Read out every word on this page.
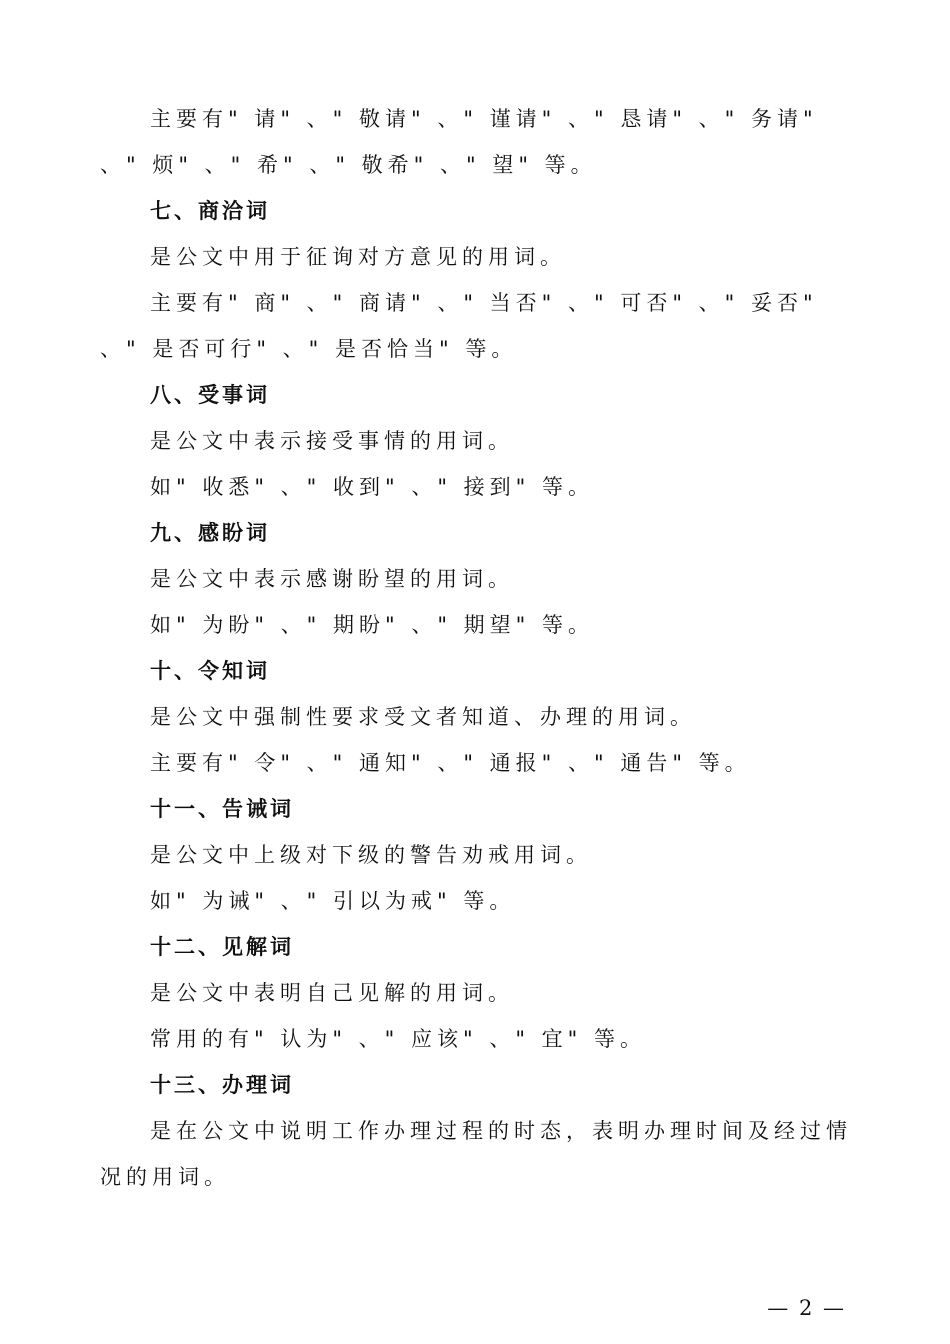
主要有" 请" 、" 敬请" 、" 谨请" 、" 恳请" 、" 务请" 、" 烦" 、" 希" 、" 敬希" 、" 望" 等。

七、商洽词

是公文中用于征询对方意见的用词。

主要有" 商" 、" 商请" 、" 当否" 、" 可否" 、" 妥否" 、" 是否可行" 、" 是否恰当" 等。

八、受事词

是公文中表示接受事情的用词。

如" 收悉" 、" 收到" 、" 接到" 等。

九、感盼词

是公文中表示感谢盼望的用词。

如" 为盼" 、" 期盼" 、" 期望" 等。

十、令知词

是公文中强制性要求受文者知道、办理的用词。

主要有" 令" 、" 通知" 、" 通报" 、" 通告" 等。

十一、告诫词

是公文中上级对下级的警告劝戒用词。

如" 为诫" 、" 引以为戒" 等。

十二、见解词

是公文中表明自己见解的用词。

常用的有" 认为" 、" 应该" 、" 宜" 等。

十三、办理词

是在公文中说明工作办理过程的时态，表明办理时间及经过情况的用词。

— 2 —
